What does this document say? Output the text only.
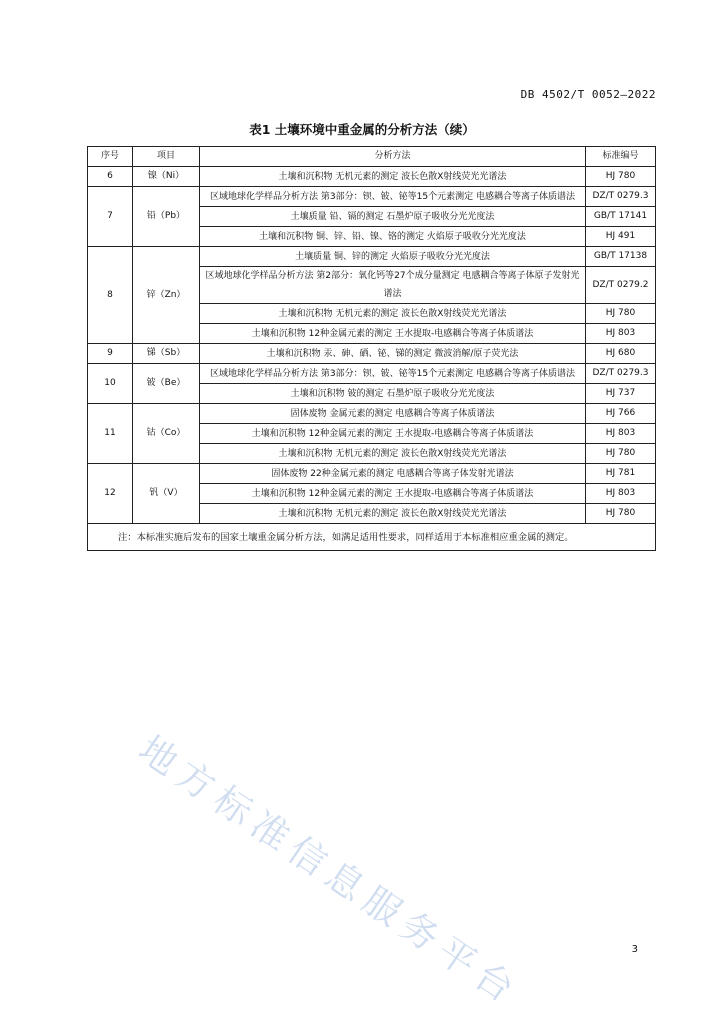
DB 4502/T 0052—2022
表1 土壤环境中重金属的分析方法（续）
序号	项目	分析方法	标准编号
6	镍（Ni）	土壤和沉积物 无机元素的测定 波长色散X射线荧光光谱法	HJ 780
7	铅（Pb）	区域地球化学样品分析方法 第3部分：钡、铍、铋等15个元素测定 电感耦合等离子体质谱法	DZ/T 0279.3
		土壤质量 铅、镉的测定 石墨炉原子吸收分光光度法	GB/T 17141
		土壤和沉积物 铜、锌、铅、镍、铬的测定 火焰原子吸收分光光度法	HJ 491
8	锌（Zn）	土壤质量 铜、锌的测定 火焰原子吸收分光光度法	GB/T 17138
		区域地球化学样品分析方法 第2部分：氧化钙等27个成分量测定 电感耦合等离子体原子发射光谱法	DZ/T 0279.2
		土壤和沉积物 无机元素的测定 波长色散X射线荧光光谱法	HJ 780
		土壤和沉积物 12种金属元素的测定 王水提取-电感耦合等离子体质谱法	HJ 803
9	锑（Sb）	土壤和沉积物 汞、砷、硒、铋、锑的测定 微波消解/原子荧光法	HJ 680
10	铍（Be）	区域地球化学样品分析方法 第3部分：钡、铍、铋等15个元素测定 电感耦合等离子体质谱法	DZ/T 0279.3
		土壤和沉积物 铍的测定 石墨炉原子吸收分光光度法	HJ 737
11	钴（Co）	固体废物 金属元素的测定 电感耦合等离子体质谱法	HJ 766
		土壤和沉积物 12种金属元素的测定 王水提取-电感耦合等离子体质谱法	HJ 803
		土壤和沉积物 无机元素的测定 波长色散X射线荧光光谱法	HJ 780
12	钒（V）	固体废物 22种金属元素的测定 电感耦合等离子体发射光谱法	HJ 781
		土壤和沉积物 12种金属元素的测定 王水提取-电感耦合等离子体质谱法	HJ 803
		土壤和沉积物 无机元素的测定 波长色散X射线荧光光谱法	HJ 780
注：本标准实施后发布的国家土壤重金属分析方法，如满足适用性要求，同样适用于本标准相应重金属的测定。			
地方标准信息服务平台	3
